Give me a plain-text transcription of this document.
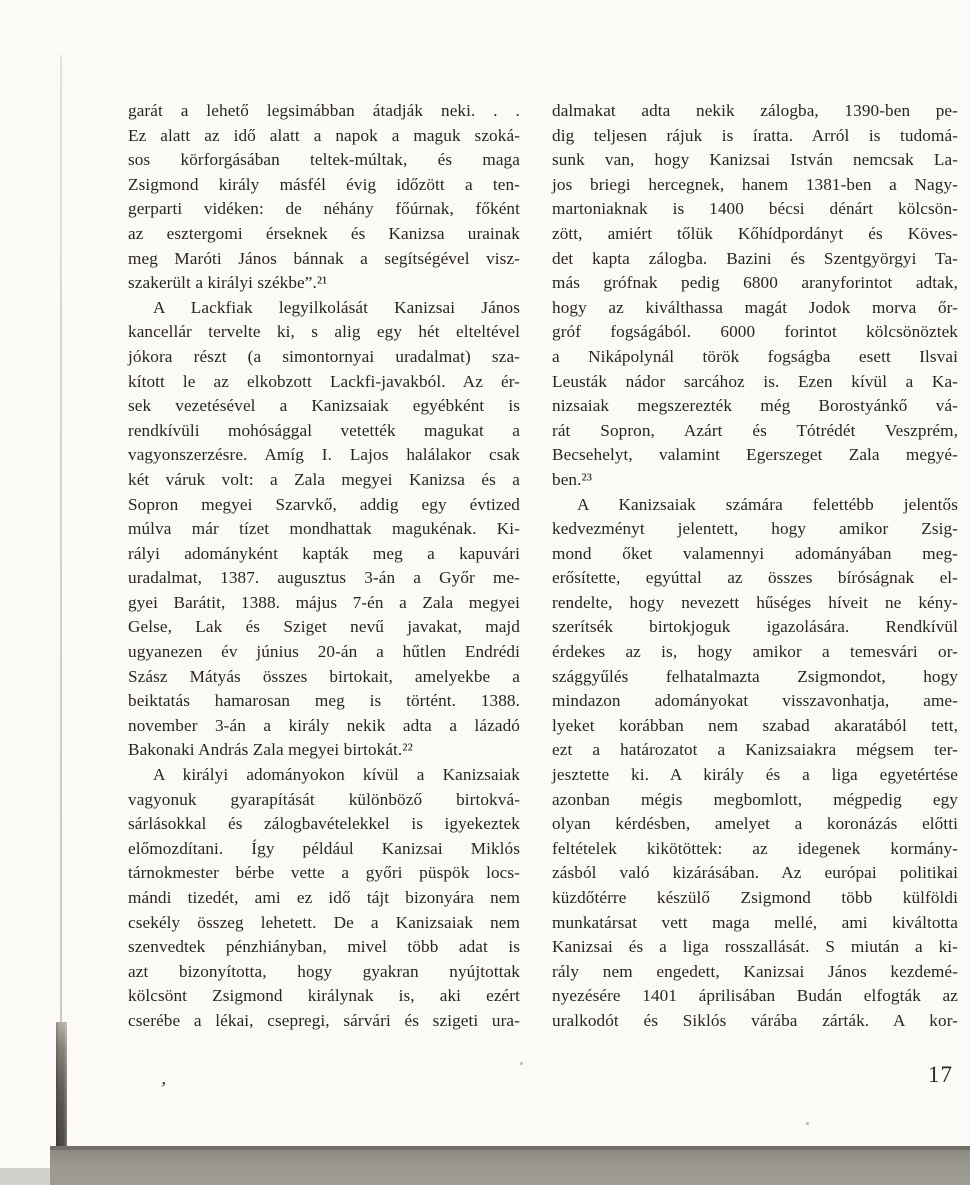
garát a lehető legsimábban átadják neki. . .
Ez alatt az idő alatt a napok a maguk szoká-
sos körforgásában teltek-múltak, és maga
Zsigmond király másfél évig időzött a ten-
gerparti vidéken: de néhány főúrnak, főként
az esztergomi érseknek és Kanizsa urainak
meg Maróti János bánnak a segítségével visz-
szakerült a királyi székbe”.²¹
A Lackfiak legyilkolását Kanizsai János
kancellár tervelte ki, s alig egy hét elteltével
jókora részt (a simontornyai uradalmat) sza-
kított le az elkobzott Lackfi-javakból. Az ér-
sek vezetésével a Kanizsaiak egyébként is
rendkívüli mohósággal vetették magukat a
vagyonszerzésre. Amíg I. Lajos halálakor csak
két váruk volt: a Zala megyei Kanizsa és a
Sopron megyei Szarvkő, addig egy évtized
múlva már tízet mondhattak magukénak. Ki-
rályi adományként kapták meg a kapuvári
uradalmat, 1387. augusztus 3-án a Győr me-
gyei Barátit, 1388. május 7-én a Zala megyei
Gelse, Lak és Sziget nevű javakat, majd
ugyanezen év június 20-án a hűtlen Endrédi
Szász Mátyás összes birtokait, amelyekbe a
beiktatás hamarosan meg is történt. 1388.
november 3-án a király nekik adta a lázadó
Bakonaki András Zala megyei birtokát.²²
A királyi adományokon kívül a Kanizsaiak
vagyonuk gyarapítását különböző birtokvá-
sárlásokkal és zálogbavételekkel is igyekeztek
előmozdítani. Így például Kanizsai Miklós
tárnokmester bérbe vette a győri püspök locs-
mándi tizedét, ami ez idő tájt bizonyára nem
csekély összeg lehetett. De a Kanizsaiak nem
szenvedtek pénzhiányban, mivel több adat is
azt bizonyította, hogy gyakran nyújtottak
kölcsönt Zsigmond királynak is, aki ezért
cserébe a lékai, csepregi, sárvári és szigeti ura-
dalmakat adta nekik zálogba, 1390-ben pe-
dig teljesen rájuk is íratta. Arról is tudomá-
sunk van, hogy Kanizsai István nemcsak La-
jos briegi hercegnek, hanem 1381-ben a Nagy-
martoniaknak is 1400 bécsi dénárt kölcsön-
zött, amiért tőlük Kőhídpordányt és Köves-
det kapta zálogba. Bazini és Szentgyörgyi Ta-
más grófnak pedig 6800 aranyforintot adtak,
hogy az kiválthassa magát Jodok morva őr-
gróf fogságából. 6000 forintot kölcsönöztek
a Nikápolynál török fogságba esett Ilsvai
Leusták nádor sarcához is. Ezen kívül a Ka-
nizsaiak megszerezték még Borostyánkő vá-
rát Sopron, Azárt és Tótrédét Veszprém,
Becsehelyt, valamint Egerszeget Zala megyé-
ben.²³
A Kanizsaiak számára felettébb jelentős
kedvezményt jelentett, hogy amikor Zsig-
mond őket valamennyi adományában meg-
erősítette, egyúttal az összes bíróságnak el-
rendelte, hogy nevezett hűséges híveit ne kény-
szerítsék birtokjoguk igazolására. Rendkívül
érdekes az is, hogy amikor a temesvári or-
szággyűlés felhatalmazta Zsigmondot, hogy
mindazon adományokat visszavonhatja, ame-
lyeket korábban nem szabad akaratából tett,
ezt a határozatot a Kanizsaiakra mégsem ter-
jesztette ki. A király és a liga egyetértése
azonban mégis megbomlott, mégpedig egy
olyan kérdésben, amelyet a koronázás előtti
feltételek kikötöttek: az idegenek kormány-
zásból való kizárásában. Az európai politikai
küzdőtérre készülő Zsigmond több külföldi
munkatársat vett maga mellé, ami kiváltotta
Kanizsai és a liga rosszallását. S miután a ki-
rály nem engedett, Kanizsai János kezdemé-
nyezésére 1401 áprilisában Budán elfogták az
uralkodót és Siklós várába zárták. A kor-
,	17
